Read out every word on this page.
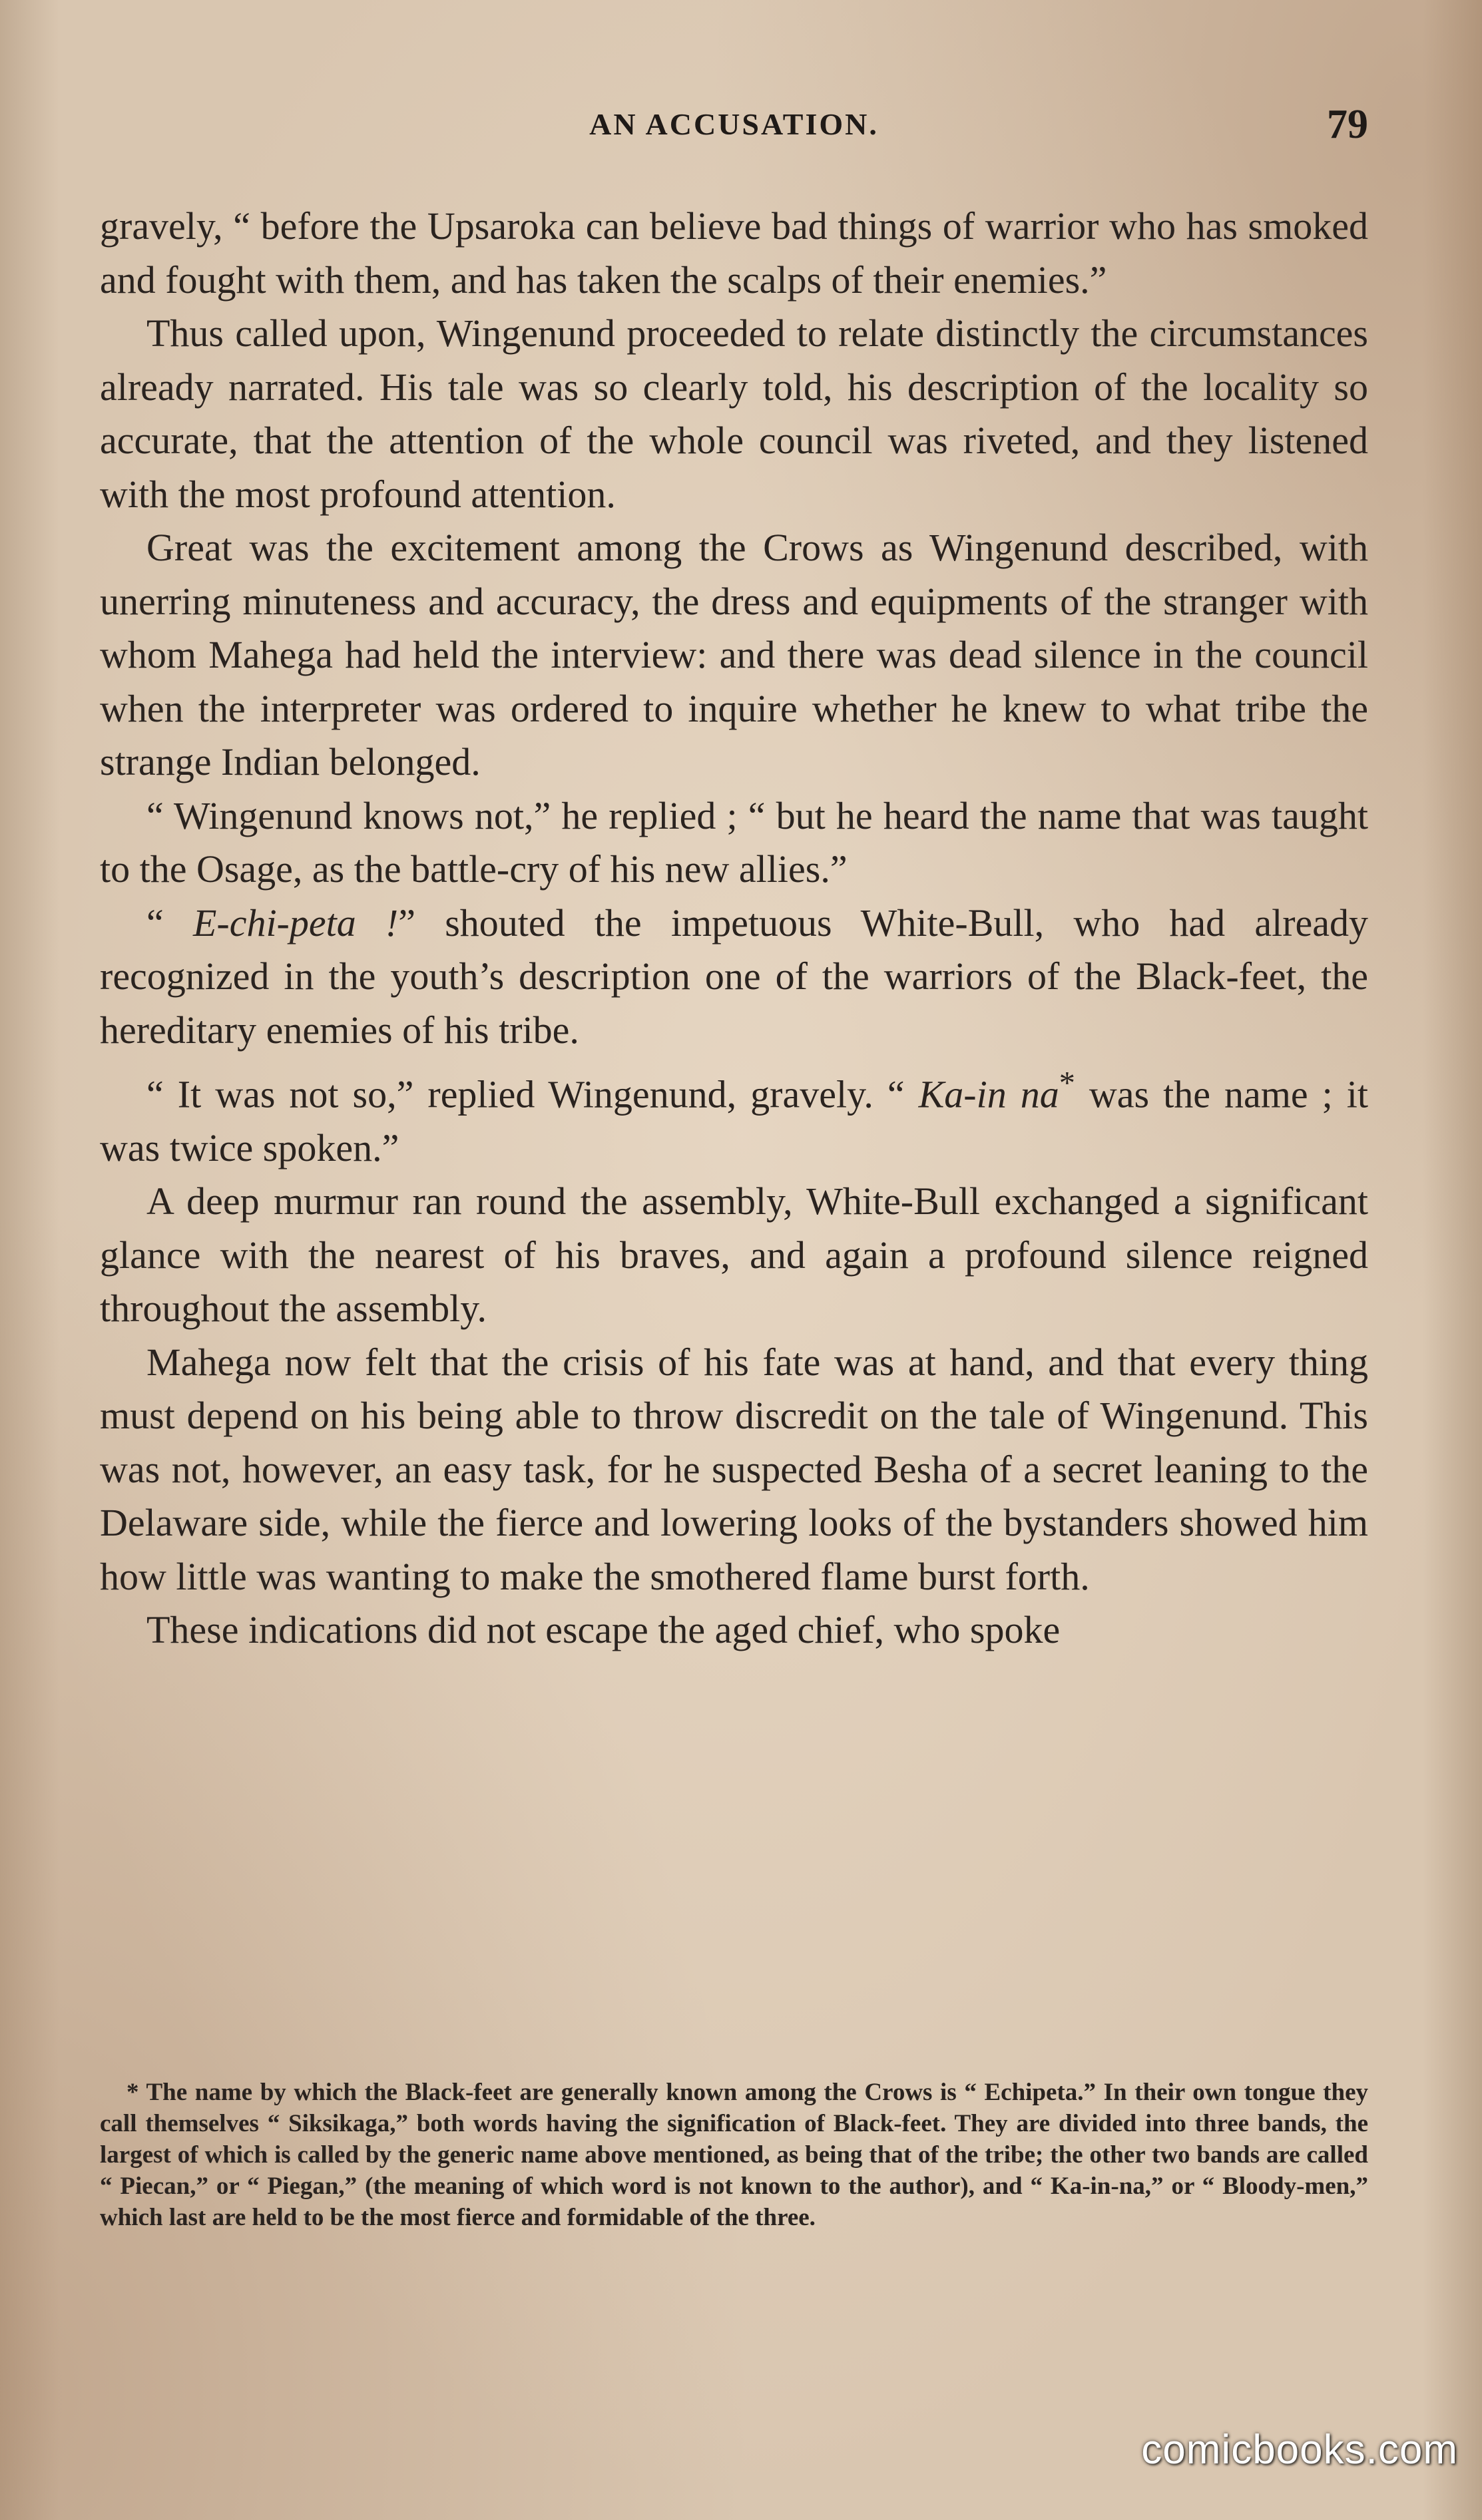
AN ACCUSATION.	79

gravely, “ before the Upsaroka can believe bad things of warrior who has smoked and fought with them, and has taken the scalps of their enemies.”

Thus called upon, Wingenund proceeded to relate distinctly the circumstances already narrated. His tale was so clearly told, his description of the locality so accurate, that the attention of the whole council was riveted, and they listened with the most profound attention.

Great was the excitement among the Crows as Wingenund described, with unerring minuteness and accuracy, the dress and equipments of the stranger with whom Mahega had held the interview: and there was dead silence in the council when the interpreter was ordered to inquire whether he knew to what tribe the strange Indian belonged.

“ Wingenund knows not,” he replied ; “ but he heard the name that was taught to the Osage, as the battle-cry of his new allies.”

“ E-chi-peta !” shouted the impetuous White-Bull, who had already recognized in the youth’s description one of the warriors of the Black-feet, the hereditary enemies of his tribe.

“ It was not so,” replied Wingenund, gravely. “ Ka-in na* was the name ; it was twice spoken.”

A deep murmur ran round the assembly, White-Bull exchanged a significant glance with the nearest of his braves, and again a profound silence reigned throughout the assembly.

Mahega now felt that the crisis of his fate was at hand, and that every thing must depend on his being able to throw discredit on the tale of Wingenund. This was not, however, an easy task, for he suspected Besha of a secret leaning to the Delaware side, while the fierce and lowering looks of the bystanders showed him how little was wanting to make the smothered flame burst forth.

These indications did not escape the aged chief, who spoke

* The name by which the Black-feet are generally known among the Crows is “ Echipeta.” In their own tongue they call themselves “ Siksikaga,” both words having the signification of Black-feet. They are divided into three bands, the largest of which is called by the generic name above mentioned, as being that of the tribe; the other two bands are called “ Piecan,” or “ Piegan,” (the meaning of which word is not known to the author), and “ Ka-in-na,” or “ Bloody-men,” which last are held to be the most fierce and formidable of the three.
comicbooks.com
